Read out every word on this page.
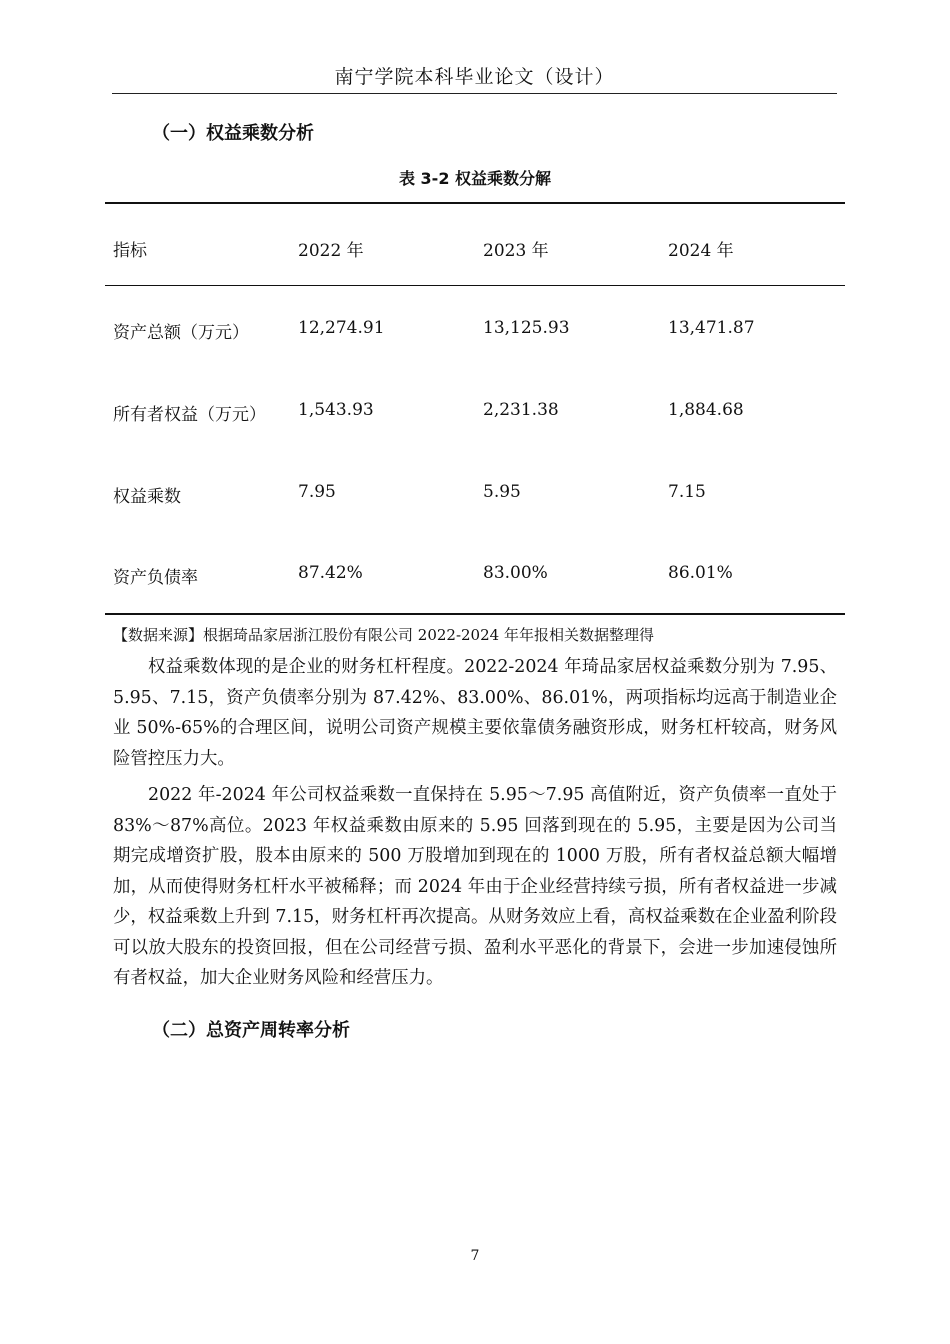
南宁学院本科毕业论文（设计）
（一）权益乘数分析
表 3-2 权益乘数分解
指标	2022 年	2023 年	2024 年
资产总额（万元）	12,274.91	13,125.93	13,471.87
所有者权益（万元） 1,543.93	2,231.38	1,884.68
权益乘数	7.95	5.95	7.15
资产负债率	87.42%	83.00%	86.01%
【数据来源】根据琦品家居浙江股份有限公司 2022-2024 年年报相关数据整理得

权益乘数体现的是企业的财务杠杆程度。2022-2024 年琦品家居权益乘数分别为 7.95、5.95、7.15，资产负债率分别为 87.42%、83.00%、86.01%，两项指标均远高于制造业企业 50%-65%的合理区间，说明公司资产规模主要依靠债务融资形成，财务杠杆较高，财务风险管控压力大。

2022 年-2024 年公司权益乘数一直保持在 5.95～7.95 高值附近，资产负债率一直处于 83%～87%高位。2023 年权益乘数由原来的 5.95 回落到现在的 5.95，主要是因为公司当期完成增资扩股，股本由原来的 500 万股增加到现在的 1000 万股，所有者权益总额大幅增加，从而使得财务杠杆水平被稀释；而 2024 年由于企业经营持续亏损，所有者权益进一步减少，权益乘数上升到 7.15，财务杠杆再次提高。从财务效应上看，高权益乘数在企业盈利阶段可以放大股东的投资回报，但在公司经营亏损、盈利水平恶化的背景下，会进一步加速侵蚀所有者权益，加大企业财务风险和经营压力。

（二）总资产周转率分析
7
